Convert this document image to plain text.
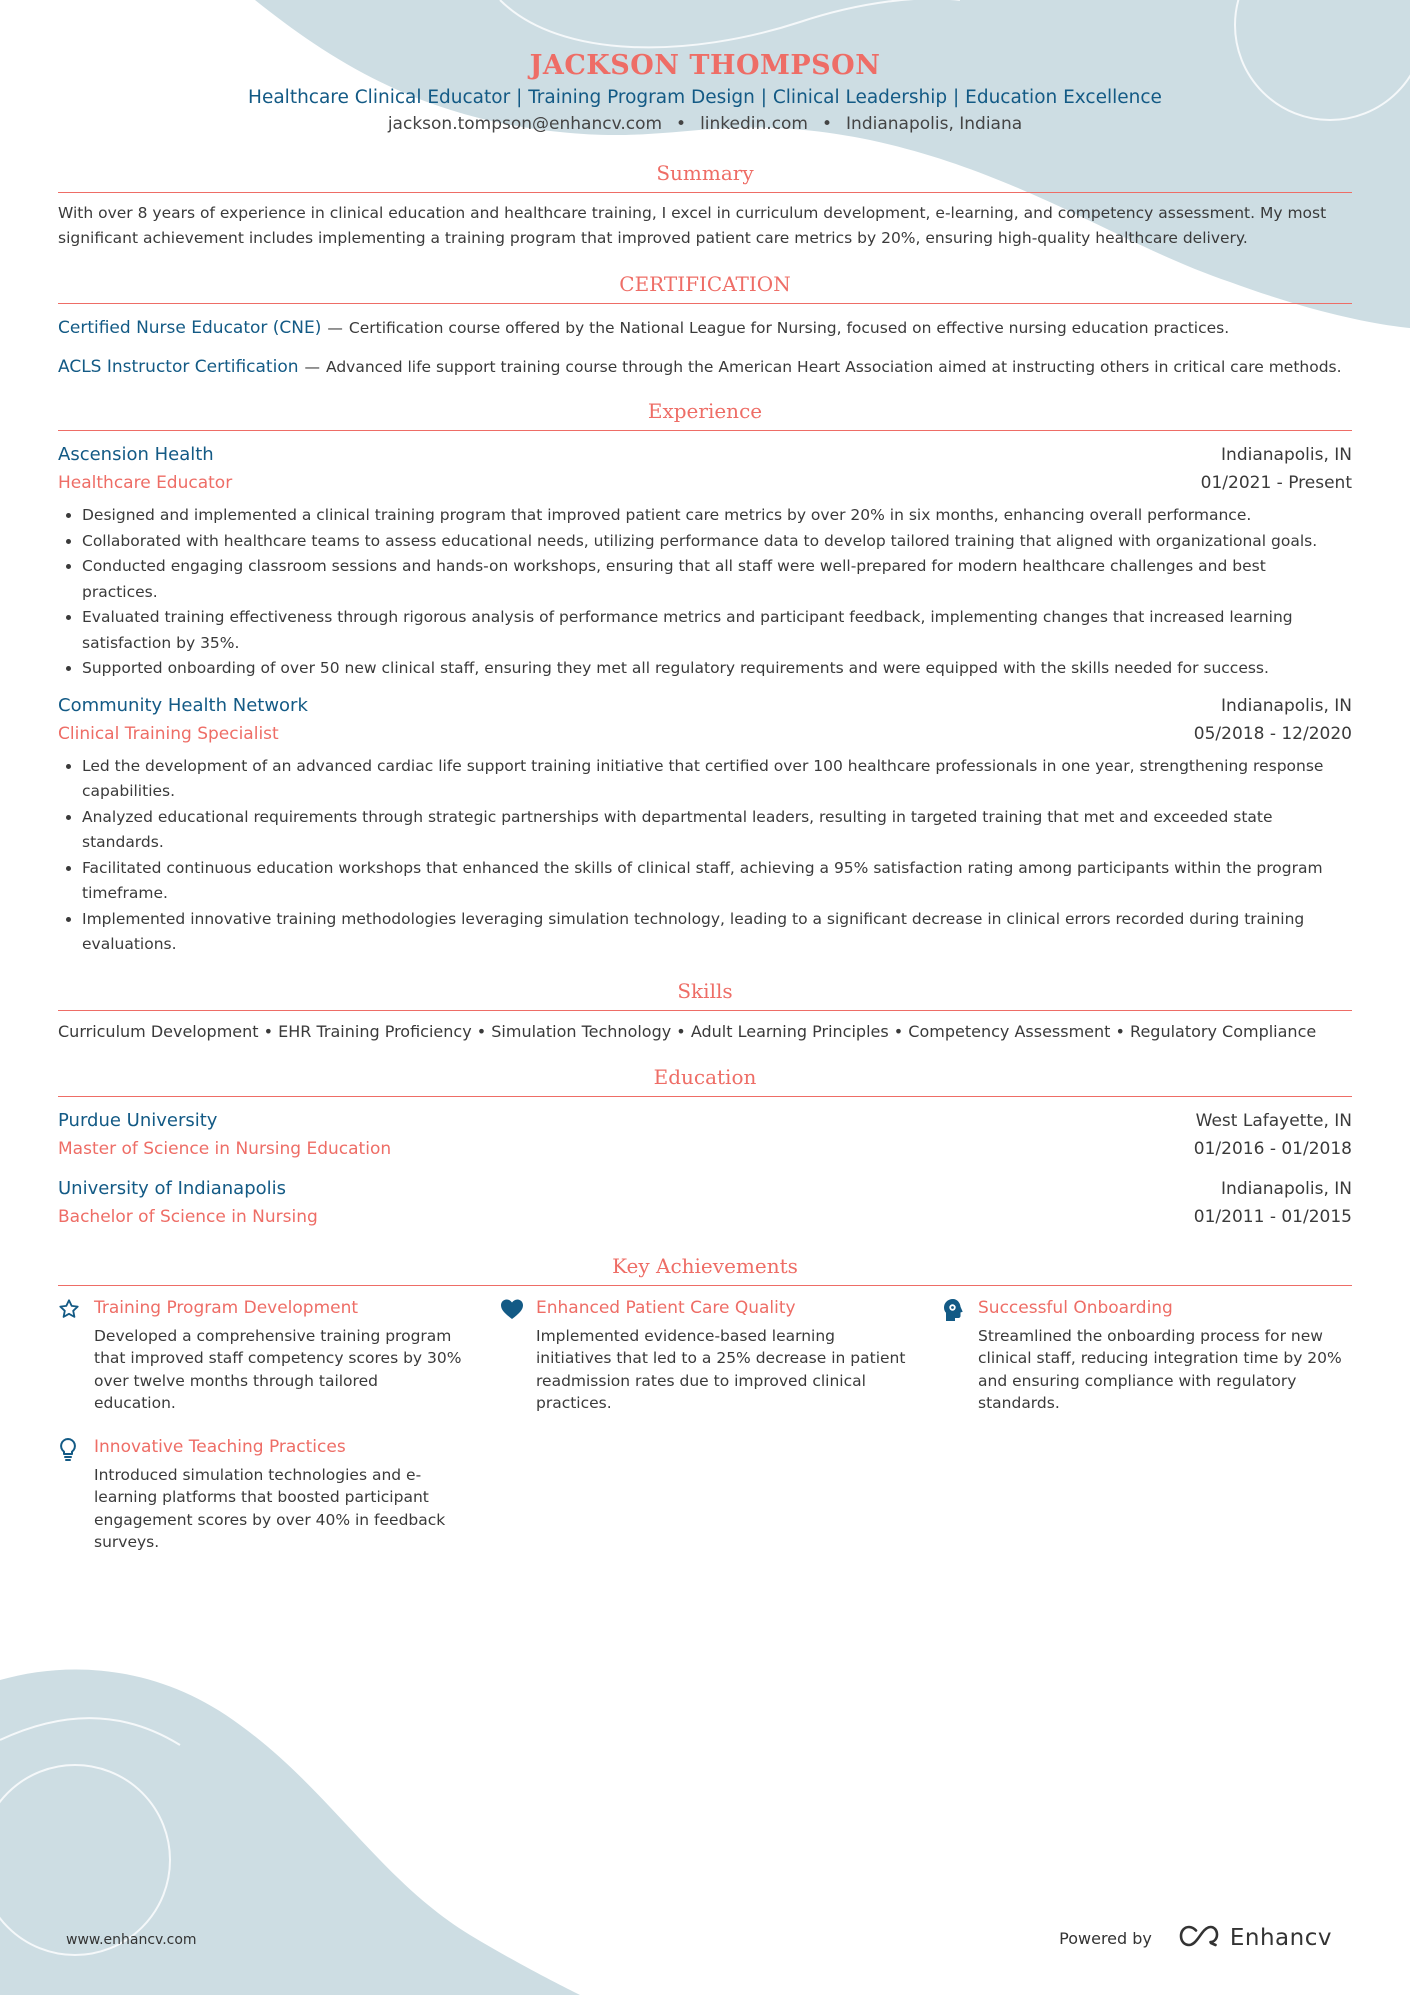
JACKSON THOMPSON
Healthcare Clinical Educator | Training Program Design | Clinical Leadership | Education Excellence
jackson.tompson@enhancv.com • linkedin.com • Indianapolis, Indiana
Summary
With over 8 years of experience in clinical education and healthcare training, I excel in curriculum development, e-learning, and competency assessment. My most significant achievement includes implementing a training program that improved patient care metrics by 20%, ensuring high-quality healthcare delivery.
CERTIFICATION
Certified Nurse Educator (CNE) — Certification course offered by the National League for Nursing, focused on effective nursing education practices.
ACLS Instructor Certification — Advanced life support training course through the American Heart Association aimed at instructing others in critical care methods.
Experience
Ascension Health	Indianapolis, IN
Healthcare Educator	01/2021 - Present
• Designed and implemented a clinical training program that improved patient care metrics by over 20% in six months, enhancing overall performance.
• Collaborated with healthcare teams to assess educational needs, utilizing performance data to develop tailored training that aligned with organizational goals.
• Conducted engaging classroom sessions and hands-on workshops, ensuring that all staff were well-prepared for modern healthcare challenges and best practices.
• Evaluated training effectiveness through rigorous analysis of performance metrics and participant feedback, implementing changes that increased learning satisfaction by 35%.
• Supported onboarding of over 50 new clinical staff, ensuring they met all regulatory requirements and were equipped with the skills needed for success.
Community Health Network	Indianapolis, IN
Clinical Training Specialist	05/2018 - 12/2020
• Led the development of an advanced cardiac life support training initiative that certified over 100 healthcare professionals in one year, strengthening response capabilities.
• Analyzed educational requirements through strategic partnerships with departmental leaders, resulting in targeted training that met and exceeded state standards.
• Facilitated continuous education workshops that enhanced the skills of clinical staff, achieving a 95% satisfaction rating among participants within the program timeframe.
• Implemented innovative training methodologies leveraging simulation technology, leading to a significant decrease in clinical errors recorded during training evaluations.
Skills
Curriculum Development • EHR Training Proficiency • Simulation Technology • Adult Learning Principles • Competency Assessment • Regulatory Compliance
Education
Purdue University	West Lafayette, IN
Master of Science in Nursing Education	01/2016 - 01/2018
University of Indianapolis	Indianapolis, IN
Bachelor of Science in Nursing	01/2011 - 01/2015
Key Achievements
Training Program Development
Developed a comprehensive training program that improved staff competency scores by 30% over twelve months through tailored education.
Enhanced Patient Care Quality
Implemented evidence-based learning initiatives that led to a 25% decrease in patient readmission rates due to improved clinical practices.
Successful Onboarding
Streamlined the onboarding process for new clinical staff, reducing integration time by 20% and ensuring compliance with regulatory standards.
Innovative Teaching Practices
Introduced simulation technologies and e-learning platforms that boosted participant engagement scores by over 40% in feedback surveys.
www.enhancv.com	Powered by	Enhancv
